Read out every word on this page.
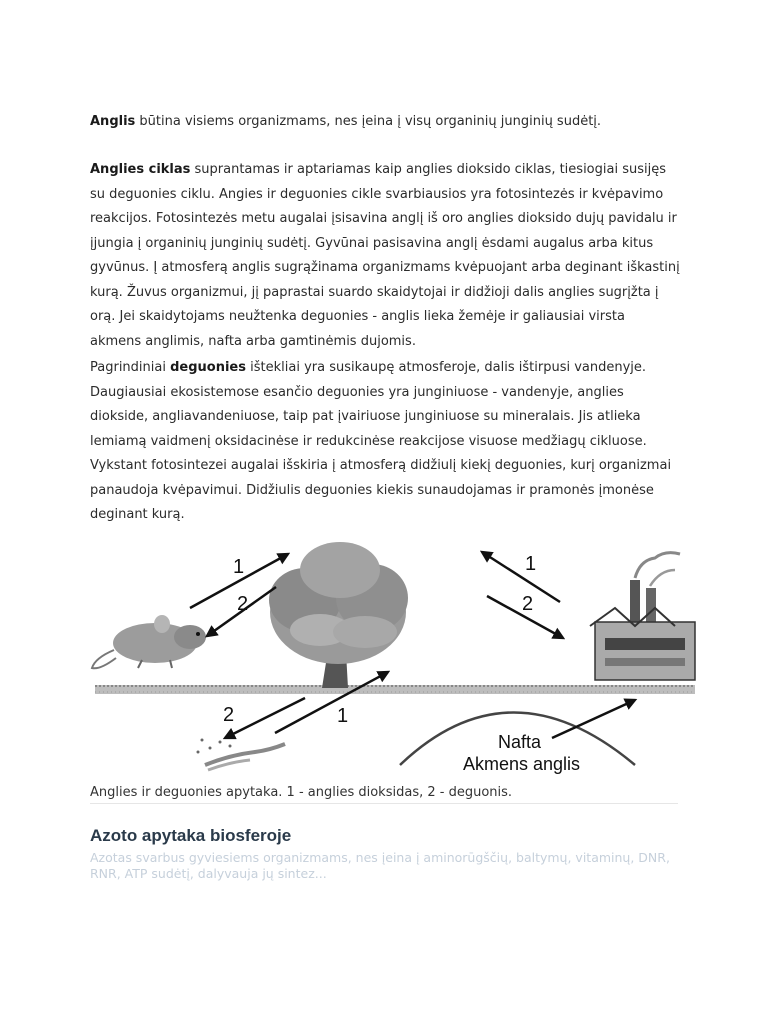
Anglis būtina visiems organizmams, nes įeina į visų organinių junginių sudėtį.

Anglies ciklas suprantamas ir aptariamas kaip anglies dioksido ciklas, tiesiogiai susijęs su deguonies ciklu. Angies ir deguonies cikle svarbiausios yra fotosintezės ir kvėpavimo reakcijos. Fotosintezės metu augalai įsisavina anglį iš oro anglies dioksido dujų pavidalu ir įjungia į organinių junginių sudėtį. Gyvūnai pasisavina anglį ėsdami augalus arba kitus gyvūnus. Į atmosferą anglis sugrąžinama organizmams kvėpuojant arba deginant iškastinį kurą. Žuvus organizmui, jį paprastai suardo skaidytojai ir didžioji dalis anglies sugrįžta į orą. Jei skaidytojams neužtenka deguonies - anglis lieka žemėje ir galiausiai virsta akmens anglimis, nafta arba gamtinėmis dujomis.

Pagrindiniai deguonies ištekliai yra susikaupę atmosferoje, dalis ištirpusi vandenyje. Daugiausiai ekosistemose esančio deguonies yra junginiuose - vandenyje, anglies diokside, angliavandeniuose, taip pat įvairiuose junginiuose su mineralais. Jis atlieka lemiamą vaidmenį oksidacinėse ir redukcinėse reakcijose visuose medžiagų cikluose. Vykstant fotosintezei augalai išskiria į atmosferą didžiulį kiekį deguonies, kurį organizmai panaudoja kvėpavimui. Didžiulis deguonies kiekis sunaudojamas ir pramonės įmonėse deginant kurą.

1
2
1
2
2	1
Nafta
Akmens anglis
Anglies ir deguonies apytaka. 1 - anglies dioksidas, 2 - deguonis.
Azoto apytaka biosferoje
Azotas svarbus gyviesiems organizmams, nes įeina į aminorūgščių, baltymų, vitaminų, DNR, RNR, ATP sudėtį, dalyvauja jų sintez...
